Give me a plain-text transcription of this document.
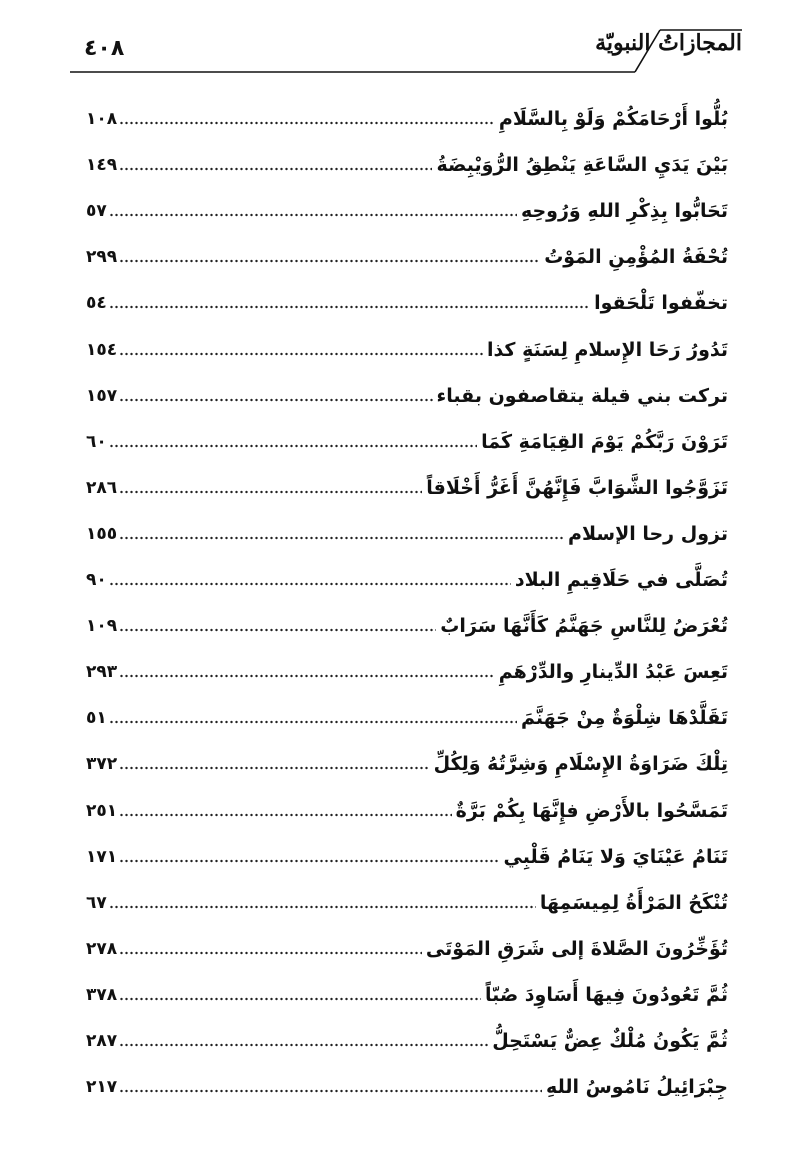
المجازاتُ النبويّة
٤٠٨
بُلُّوا أَرْحَامَكُمْ وَلَوْ بِالسَّلَامِ
١٠٨
بَيْنَ يَدَيِ السَّاعَةِ يَنْطِقُ الرُّوَيْبِضَةُ
١٤٩
تَحَابُّوا بِذِكْرِ اللهِ وَرُوحِهِ
٥٧
تُحْفَةُ المُؤْمِنِ المَوْتُ
٢٩٩
تخفّفوا تَلْحَقوا
٥٤
تَدُورُ رَحَا الإِسلامِ لِسَنَةٍ كذا
١٥٤
تركت بني قيلة يتقاصفون بقباء
١٥٧
تَرَوْنَ رَبَّكُمْ يَوْمَ القِيَامَةِ كَمَا
٦٠
تَزَوَّجُوا الشَّوَابَّ فَإِنَّهُنَّ أَغَرُّ أَخْلَاقاً
٢٨٦
تزول رحا الإسلام
١٥٥
تُصَلَّى في حَلَاقِيمِ البلاد
٩٠
تُعْرَضُ لِلنَّاسِ جَهَنَّمُ كَأَنَّهَا سَرَابٌ
١٠٩
تَعِسَ عَبْدُ الدِّينارِ والدِّرْهَمِ
٢٩٣
تَقَلَّدْهَا شِلْوَةٌ مِنْ جَهَنَّمَ
٥١
تِلْكَ ضَرَاوَةُ الإِسْلَامِ وَشِرَّتُهُ وَلِكُلِّ
٣٧٢
تَمَسَّحُوا بالأَرْضِ فإِنَّهَا بِكُمْ بَرَّةٌ
٢٥١
تَنَامُ عَيْنَايَ وَلا يَنَامُ قَلْبِي
١٧١
تُنْكَحُ المَرْأَةُ لِمِيسَمِهَا
٦٧
تُؤَخِّرُونَ الصَّلاةَ إلى شَرَقِ المَوْتَى
٢٧٨
ثُمَّ تَعُودُونَ فِيهَا أَسَاوِدَ صُبّاً
٣٧٨
ثُمَّ يَكُونُ مُلْكٌ عِضٌّ يَسْتَحِلُّ
٢٨٧
جِبْرَائِيلُ نَامُوسُ اللهِ
٢١٧
